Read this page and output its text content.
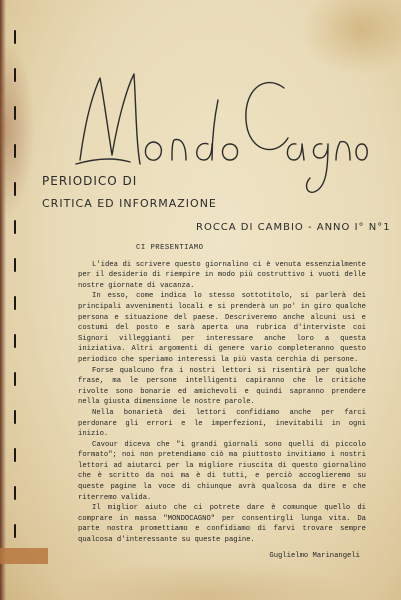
PERIODICO DI
CRITICA ED INFORMAZIONE
ROCCA DI CAMBIO - ANNO I° N°1
CI PRESENTIAMO

L'idea di scrivere questo giornalino ci è venuta essenzialmente per il desiderio di riempire in modo più costruttivo i vuoti delle nostre giornate di vacanza.

In esso, come indica lo stesso sottotitolo, si parlerà dei principali avvenimenti locali e si prenderà un po' in giro qualche persona e situazione del paese. Descriveremo anche alcuni usi e costumi del posto e sarà aperta una rubrica d'interviste coi Signori villeggianti per interessare anche loro a questa iniziativa. Altri argomenti di genere vario completeranno questo periodico che speriamo interessi la più vasta cerchia di persone.

Forse qualcuno fra i nostri lettori si risentirà per qualche frase, ma le persone intelligenti capiranno che le critiche rivolte sono bonarie ed amichevoli e quindi sapranno prendere nella giusta dimensione le nostre parole.

Nella bonarietà dei lettori confidiamo anche per farci perdonare gli errori e le imperfezioni, inevitabili in ogni inizio.

Cavour diceva che "i grandi giornali sono quelli di piccolo formato"; noi non pretendiamo ciò ma piuttosto invitiamo i nostri lettori ad aiutarci per la migliore riuscita di questo giornalino che è scritto da noi ma è di tutti, e perciò accoglieremo su queste pagine la voce di chiunque avrà qualcosa da dire e che riterremo valida.

Il miglior aiuto che ci potrete dare è comunque quello di comprare in massa "MONDOCAGNO" per consentirgli lunga vita. Da parte nostra promettiamo e confidiamo di farvi trovare sempre qualcosa d'interessante su queste pagine.

Guglielmo Marinangeli
